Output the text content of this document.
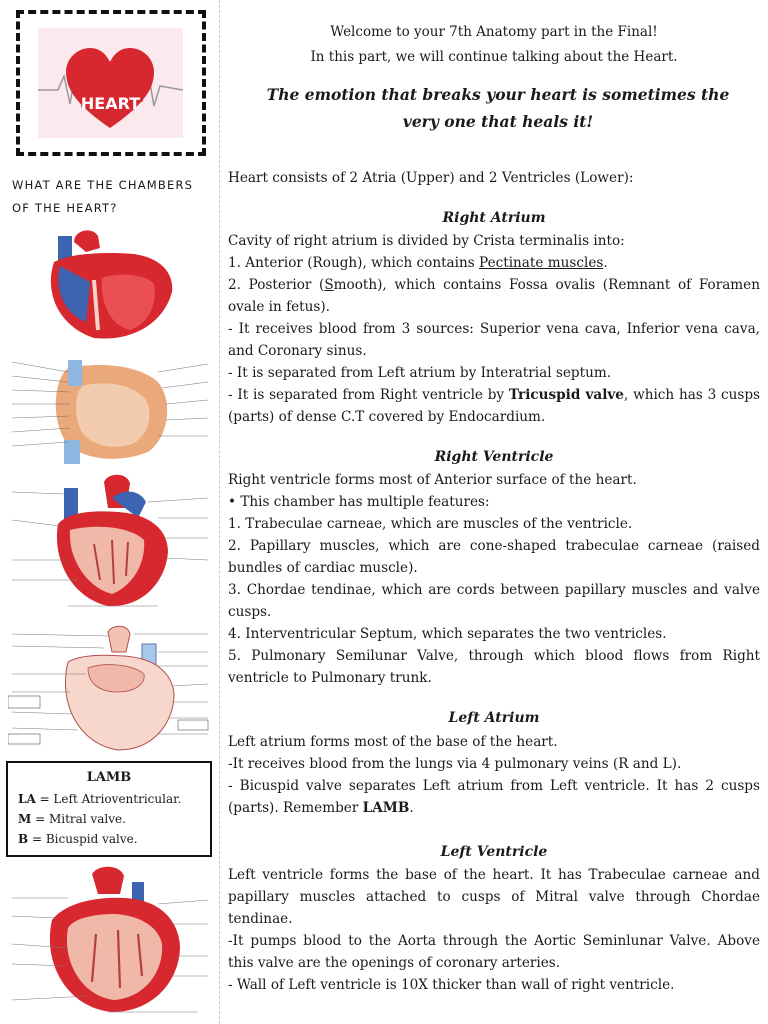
HEART
WHAT ARE THE CHAMBERS OF THE HEART?
LAMB
LA = Left Atrioventricular.
M = Mitral valve.
B = Bicuspid valve.
Welcome to your 7th Anatomy part in the Final!
In this part, we will continue talking about the Heart.
The emotion that breaks your heart is sometimes the very one that heals it!
Heart consists of 2 Atria (Upper) and 2 Ventricles (Lower):
Right Atrium
Cavity of right atrium is divided by Crista terminalis into:
1. Anterior (Rough), which contains Pectinate muscles.
2. Posterior (Smooth), which contains Fossa ovalis (Remnant of Foramen ovale in fetus).
- It receives blood from 3 sources: Superior vena cava, Inferior vena cava, and Coronary sinus.
- It is separated from Left atrium by Interatrial septum.
- It is separated from Right ventricle by Tricuspid valve, which has 3 cusps (parts) of dense C.T covered by Endocardium.
Right Ventricle
Right ventricle forms most of Anterior surface of the heart.
• This chamber has multiple features:
1. Trabeculae carneae, which are muscles of the ventricle.
2. Papillary muscles, which are cone-shaped trabeculae carneae (raised bundles of cardiac muscle).
3. Chordae tendinae, which are cords between papillary muscles and valve cusps.
4. Interventricular Septum, which separates the two ventricles.
5. Pulmonary Semilunar Valve, through which blood flows from Right ventricle to Pulmonary trunk.
Left Atrium
Left atrium forms most of the base of the heart.
-It receives blood from the lungs via 4 pulmonary veins (R and L).
- Bicuspid valve separates Left atrium from Left ventricle. It has 2 cusps (parts). Remember LAMB.
Left Ventricle
Left ventricle forms the base of the heart. It has Trabeculae carneae and papillary muscles attached to cusps of Mitral valve through Chordae tendinae.
-It pumps blood to the Aorta through the Aortic Seminlunar Valve. Above this valve are the openings of coronary arteries.
- Wall of Left ventricle is 10X thicker than wall of right ventricle.
